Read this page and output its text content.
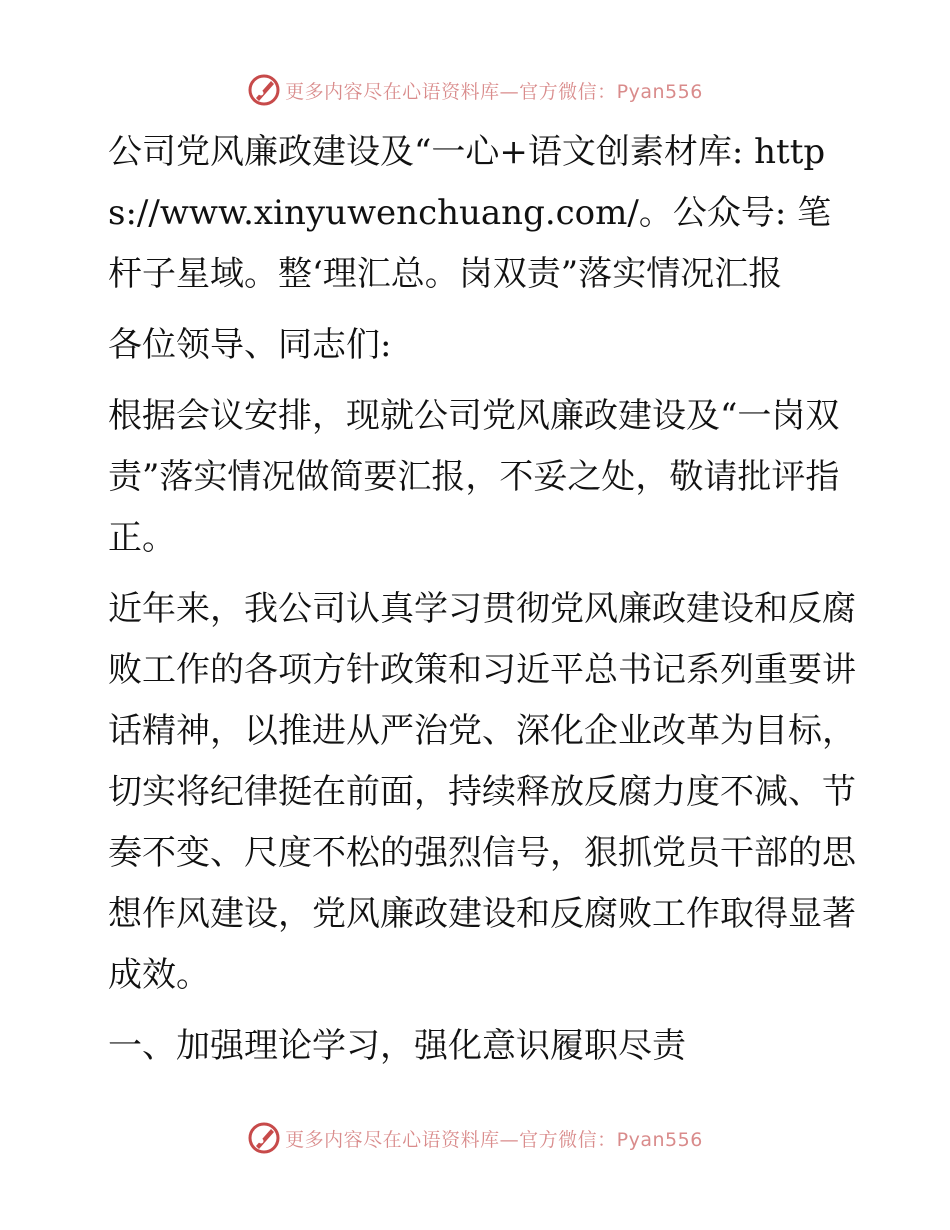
更多内容尽在心语资料库—官方微信：Pyan556

公司党风廉政建设及“一心+语文创素材库: https://www.xinyuwenchuang.com/。公众号: 笔杆子星域。整‘理汇总。岗双责”落实情况汇报

各位领导、同志们:

根据会议安排，现就公司党风廉政建设及“一岗双责”落实情况做简要汇报，不妥之处，敬请批评指正。

近年来，我公司认真学习贯彻党风廉政建设和反腐败工作的各项方针政策和习近平总书记系列重要讲话精神，以推进从严治党、深化企业改革为目标，切实将纪律挺在前面，持续释放反腐力度不减、节奏不变、尺度不松的强烈信号，狠抓党员干部的思想作风建设，党风廉政建设和反腐败工作取得显著成效。

一、加强理论学习，强化意识履职尽责

更多内容尽在心语资料库—官方微信：Pyan556
